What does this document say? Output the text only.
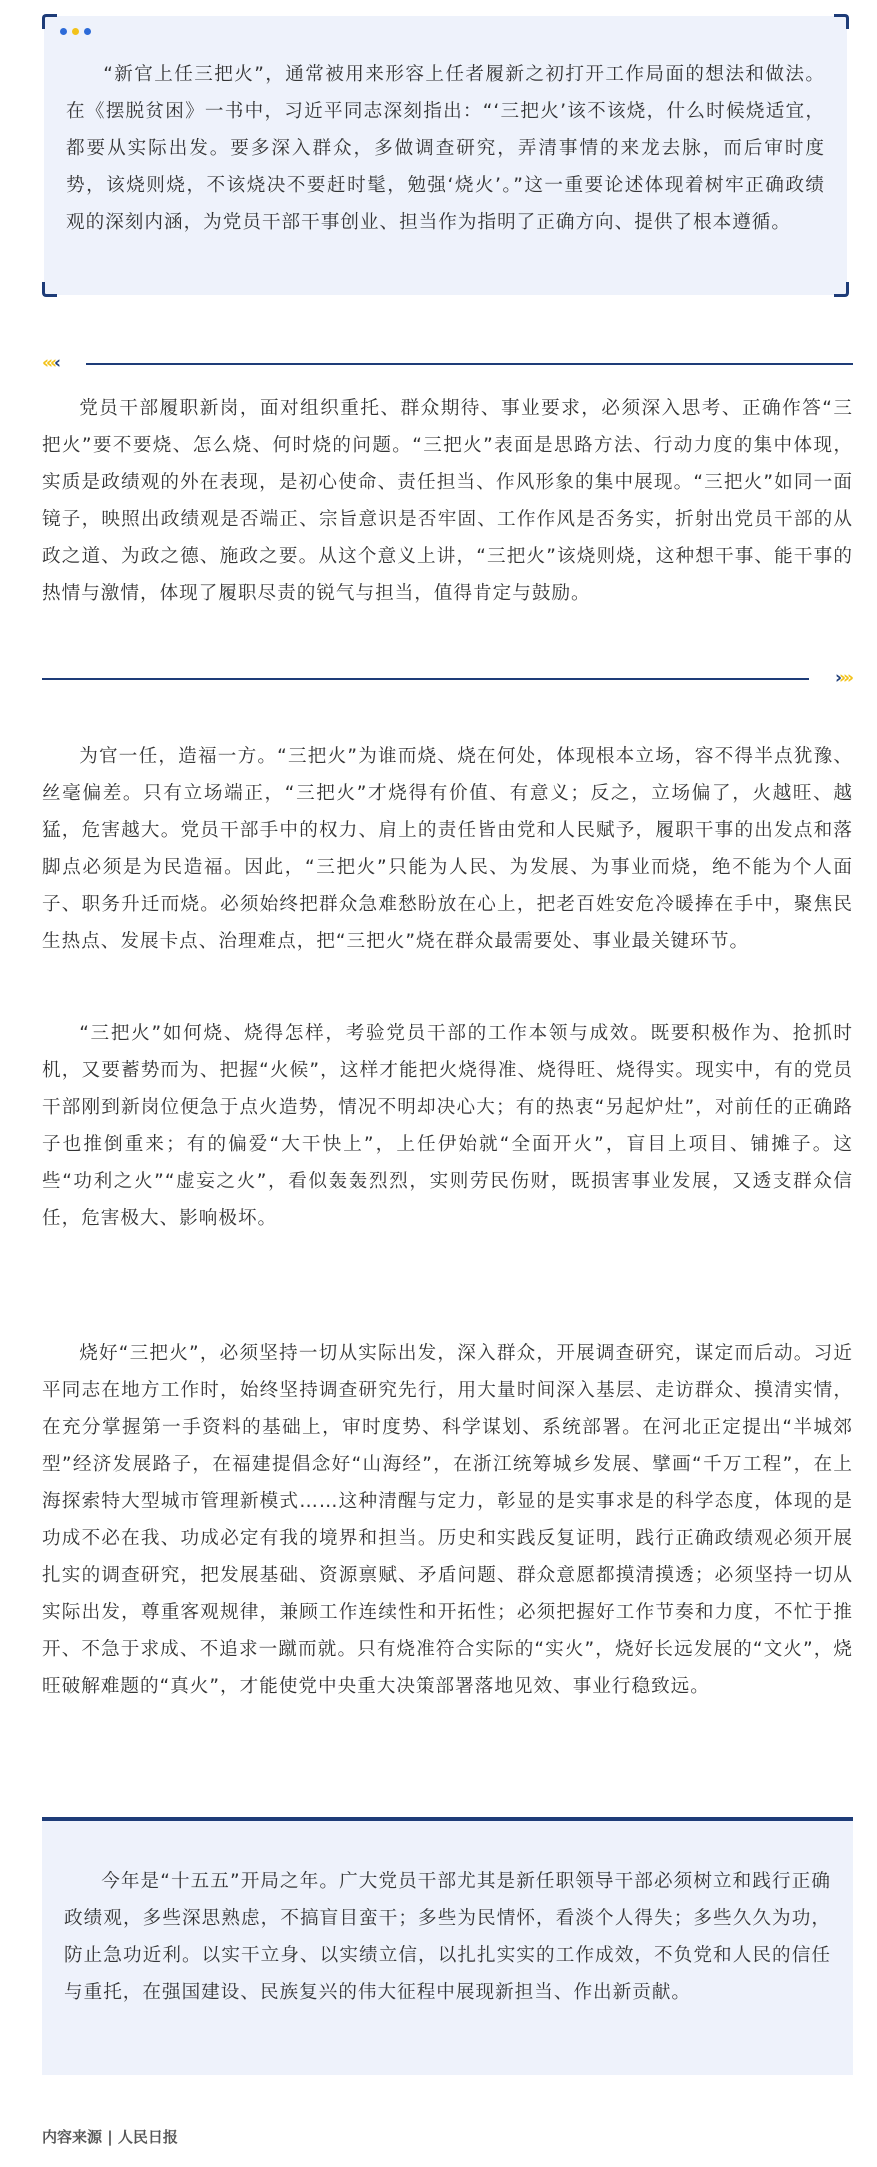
“新官上任三把火”，通常被用来形容上任者履新之初打开工作局面的想法和做法。在《摆脱贫困》一书中，习近平同志深刻指出：“‘三把火’该不该烧，什么时候烧适宜，都要从实际出发。要多深入群众，多做调查研究，弄清事情的来龙去脉，而后审时度势，该烧则烧，不该烧决不要赶时髦，勉强‘烧火’。”这一重要论述体现着树牢正确政绩观的深刻内涵，为党员干部干事创业、担当作为指明了正确方向、提供了根本遵循。

‹‹‹‹

党员干部履职新岗，面对组织重托、群众期待、事业要求，必须深入思考、正确作答“三把火”要不要烧、怎么烧、何时烧的问题。“三把火”表面是思路方法、行动力度的集中体现，实质是政绩观的外在表现，是初心使命、责任担当、作风形象的集中展现。“三把火”如同一面镜子，映照出政绩观是否端正、宗旨意识是否牢固、工作作风是否务实，折射出党员干部的从政之道、为政之德、施政之要。从这个意义上讲，“三把火”该烧则烧，这种想干事、能干事的热情与激情，体现了履职尽责的锐气与担当，值得肯定与鼓励。

››››

为官一任，造福一方。“三把火”为谁而烧、烧在何处，体现根本立场，容不得半点犹豫、丝毫偏差。只有立场端正，“三把火”才烧得有价值、有意义；反之，立场偏了，火越旺、越猛，危害越大。党员干部手中的权力、肩上的责任皆由党和人民赋予，履职干事的出发点和落脚点必须是为民造福。因此，“三把火”只能为人民、为发展、为事业而烧，绝不能为个人面子、职务升迁而烧。必须始终把群众急难愁盼放在心上，把老百姓安危冷暖捧在手中，聚焦民生热点、发展卡点、治理难点，把“三把火”烧在群众最需要处、事业最关键环节。

“三把火”如何烧、烧得怎样，考验党员干部的工作本领与成效。既要积极作为、抢抓时机，又要蓄势而为、把握“火候”，这样才能把火烧得准、烧得旺、烧得实。现实中，有的党员干部刚到新岗位便急于点火造势，情况不明却决心大；有的热衷“另起炉灶”，对前任的正确路子也推倒重来；有的偏爱“大干快上”，上任伊始就“全面开火”，盲目上项目、铺摊子。这些“功利之火”“虚妄之火”，看似轰轰烈烈，实则劳民伤财，既损害事业发展，又透支群众信任，危害极大、影响极坏。

烧好“三把火”，必须坚持一切从实际出发，深入群众，开展调查研究，谋定而后动。习近平同志在地方工作时，始终坚持调查研究先行，用大量时间深入基层、走访群众、摸清实情，在充分掌握第一手资料的基础上，审时度势、科学谋划、系统部署。在河北正定提出“半城郊型”经济发展路子，在福建提倡念好“山海经”，在浙江统筹城乡发展、擘画“千万工程”，在上海探索特大型城市管理新模式……这种清醒与定力，彰显的是实事求是的科学态度，体现的是功成不必在我、功成必定有我的境界和担当。历史和实践反复证明，践行正确政绩观必须开展扎实的调查研究，把发展基础、资源禀赋、矛盾问题、群众意愿都摸清摸透；必须坚持一切从实际出发，尊重客观规律，兼顾工作连续性和开拓性；必须把握好工作节奏和力度，不忙于推开、不急于求成、不追求一蹴而就。只有烧准符合实际的“实火”，烧好长远发展的“文火”，烧旺破解难题的“真火”，才能使党中央重大决策部署落地见效、事业行稳致远。

今年是“十五五”开局之年。广大党员干部尤其是新任职领导干部必须树立和践行正确政绩观，多些深思熟虑，不搞盲目蛮干；多些为民情怀，看淡个人得失；多些久久为功，防止急功近利。以实干立身、以实绩立信，以扎扎实实的工作成效，不负党和人民的信任与重托，在强国建设、民族复兴的伟大征程中展现新担当、作出新贡献。

内容来源 | 人民日报
